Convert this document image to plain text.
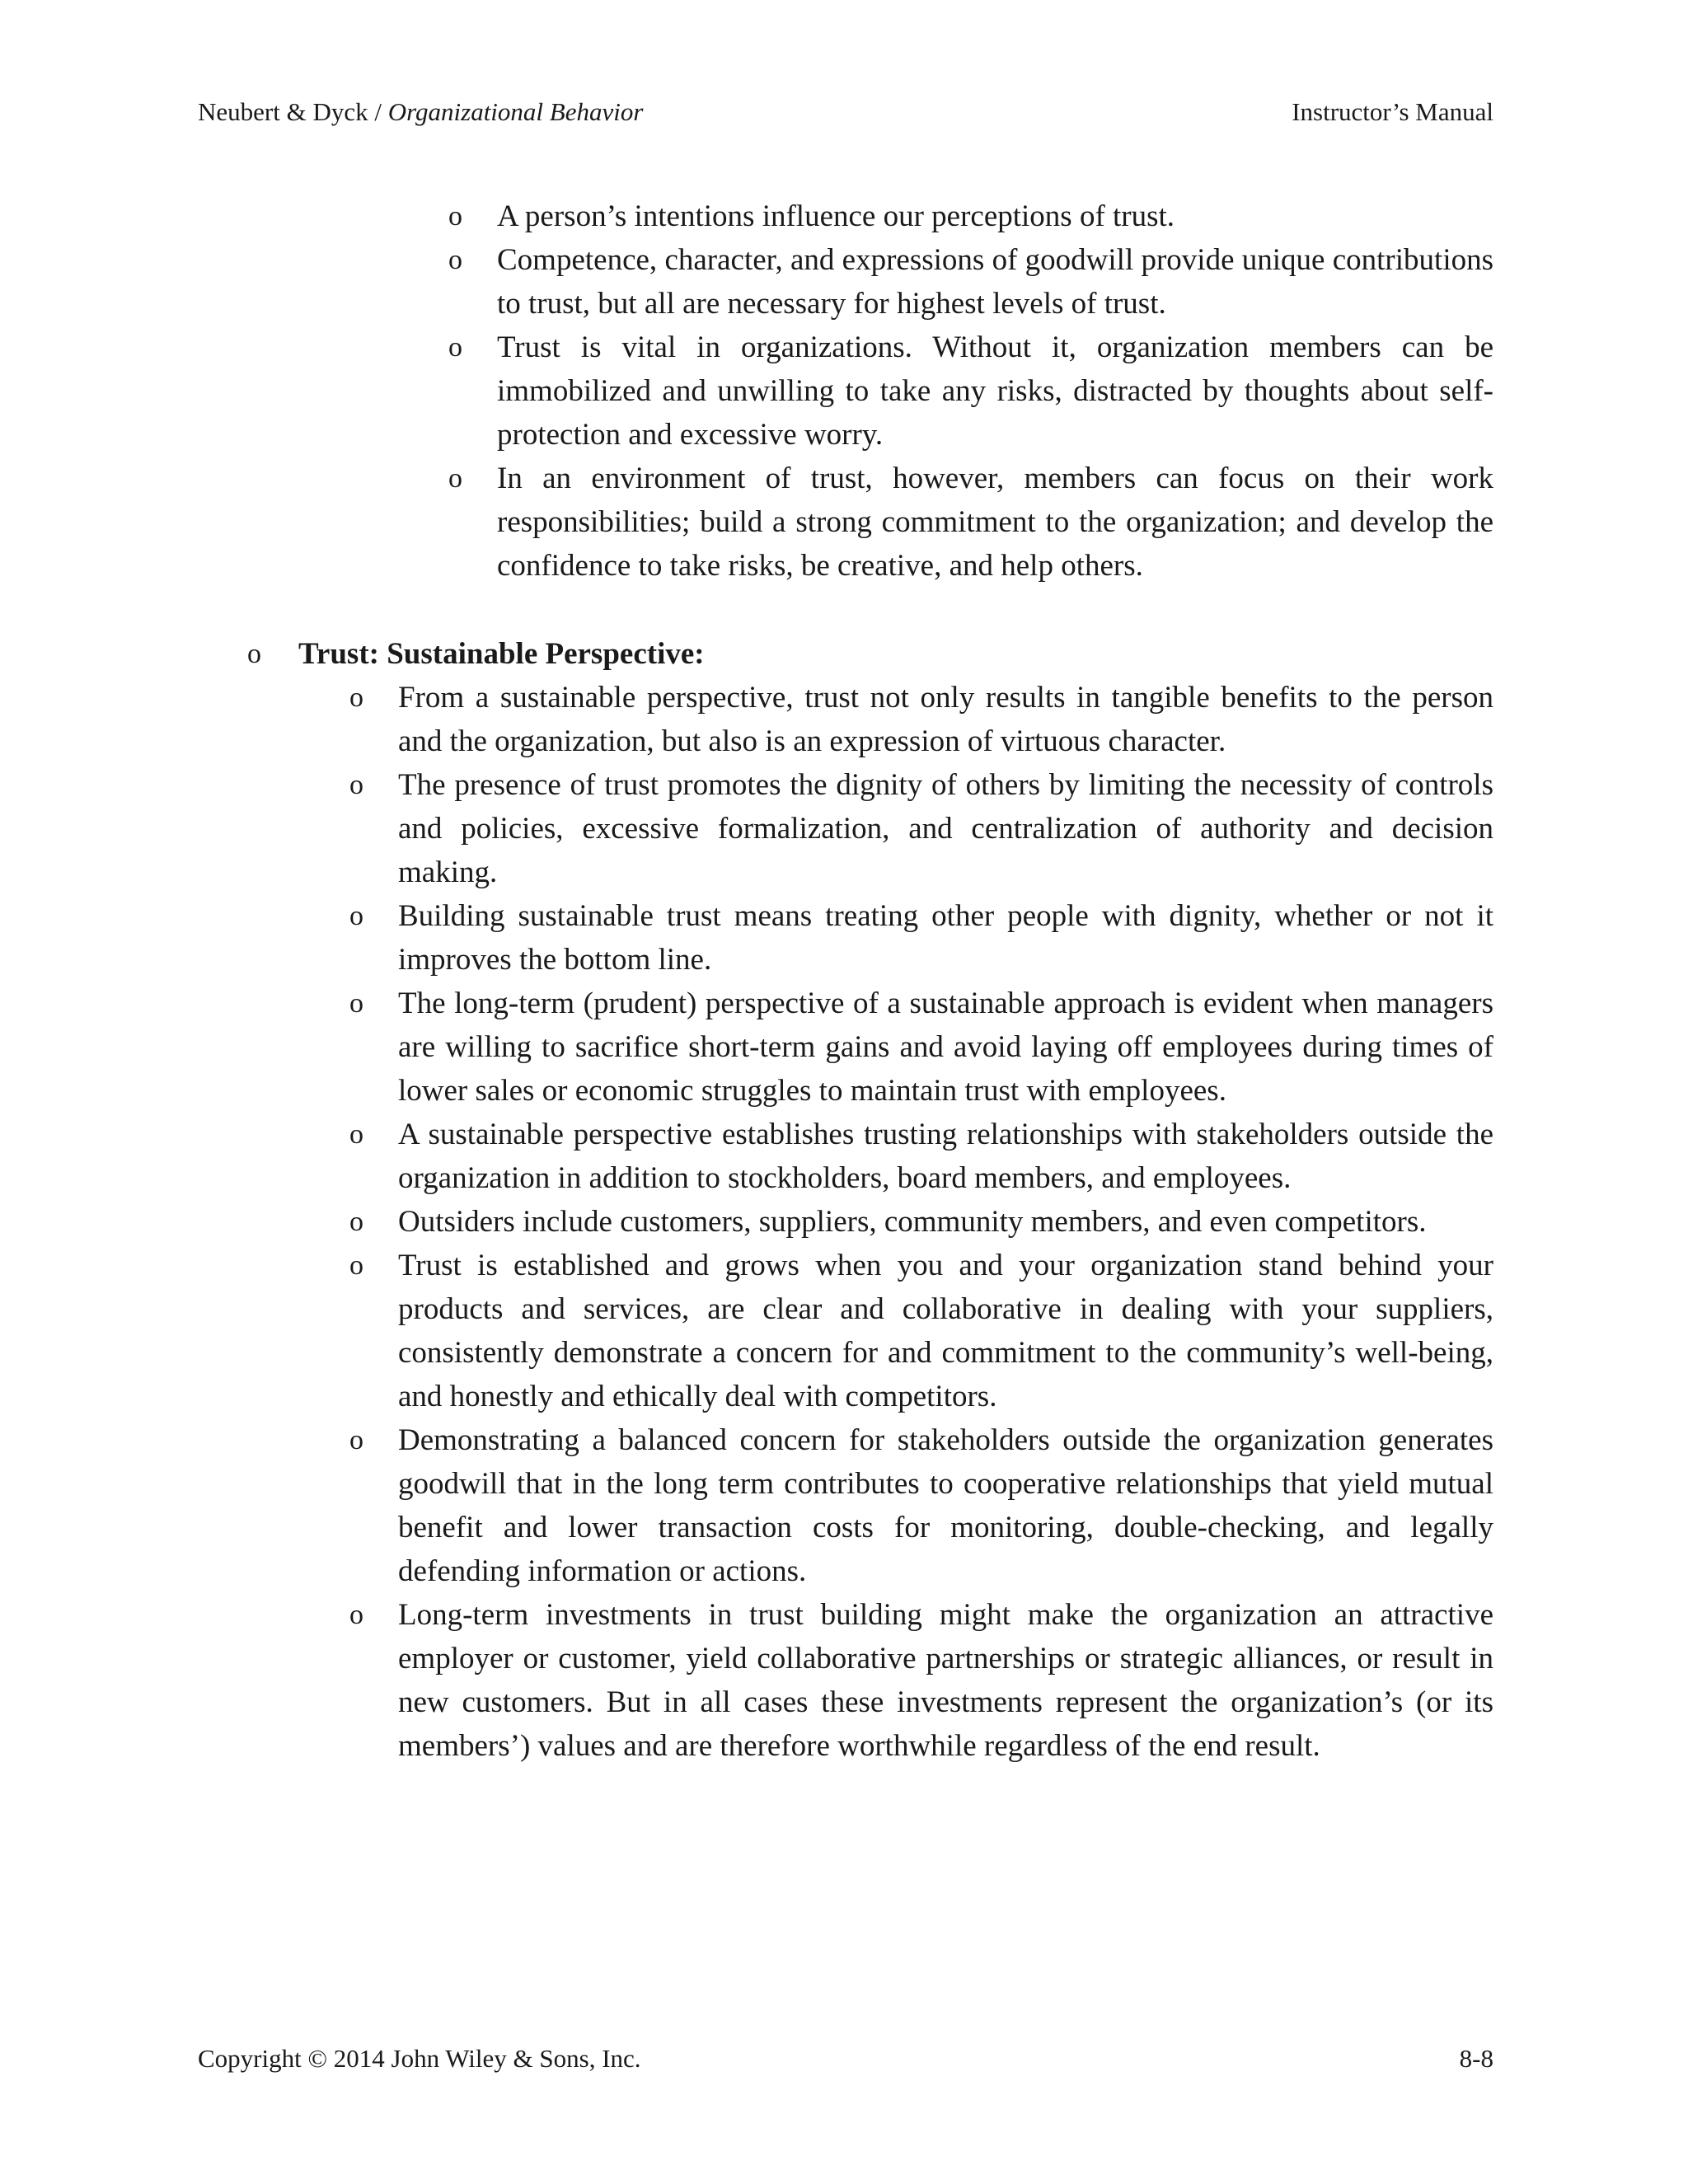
Neubert & Dyck / Organizational Behavior	Instructor’s Manual
o A person’s intentions influence our perceptions of trust.
o Competence, character, and expressions of goodwill provide unique contributions to trust, but all are necessary for highest levels of trust.
o Trust is vital in organizations. Without it, organization members can be immobilized and unwilling to take any risks, distracted by thoughts about self-protection and excessive worry.
o In an environment of trust, however, members can focus on their work responsibilities; build a strong commitment to the organization; and develop the confidence to take risks, be creative, and help others.
o Trust: Sustainable Perspective:
o From a sustainable perspective, trust not only results in tangible benefits to the person and the organization, but also is an expression of virtuous character.
o The presence of trust promotes the dignity of others by limiting the necessity of controls and policies, excessive formalization, and centralization of authority and decision making.
o Building sustainable trust means treating other people with dignity, whether or not it improves the bottom line.
o The long-term (prudent) perspective of a sustainable approach is evident when managers are willing to sacrifice short-term gains and avoid laying off employees during times of lower sales or economic struggles to maintain trust with employees.
o A sustainable perspective establishes trusting relationships with stakeholders outside the organization in addition to stockholders, board members, and employees.
o Outsiders include customers, suppliers, community members, and even competitors.
o Trust is established and grows when you and your organization stand behind your products and services, are clear and collaborative in dealing with your suppliers, consistently demonstrate a concern for and commitment to the community’s well-being, and honestly and ethically deal with competitors.
o Demonstrating a balanced concern for stakeholders outside the organization generates goodwill that in the long term contributes to cooperative relationships that yield mutual benefit and lower transaction costs for monitoring, double-checking, and legally defending information or actions.
o Long-term investments in trust building might make the organization an attractive employer or customer, yield collaborative partnerships or strategic alliances, or result in new customers. But in all cases these investments represent the organization’s (or its members’) values and are therefore worthwhile regardless of the end result.
Copyright © 2014 John Wiley & Sons, Inc.	8-8
